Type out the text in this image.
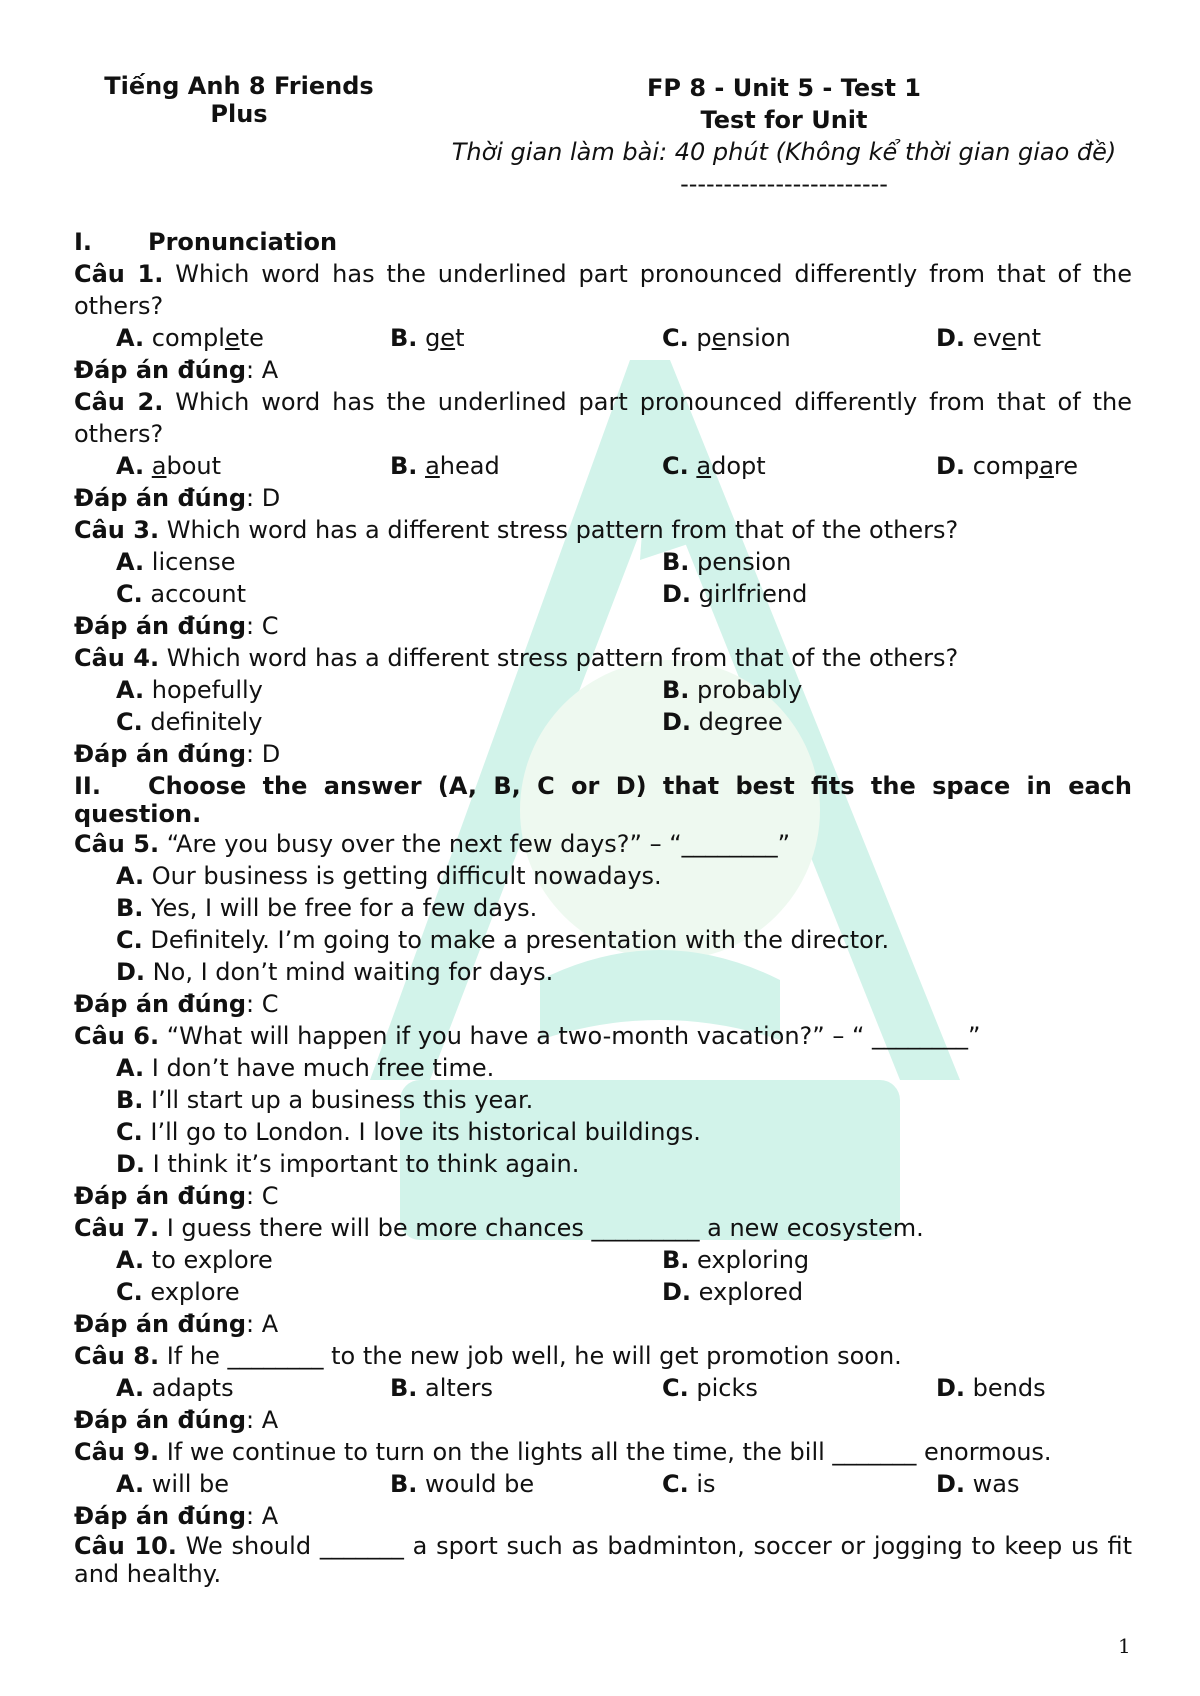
Tiếng Anh 8 Friends
Plus
FP 8 - Unit 5 - Test 1
Test for Unit
Thời gian làm bài: 40 phút (Không kể thời gian giao đề)
------------------------
I. Pronunciation
Câu 1. Which word has the underlined part pronounced differently from that of the others?
A. complete	B. get	C. pension	D. event
Đáp án đúng: A
Câu 2. Which word has the underlined part pronounced differently from that of the others?
A. about	B. ahead	C. adopt	D. compare
Đáp án đúng: D
Câu 3. Which word has a different stress pattern from that of the others?
A. license	B. pension
C. account	D. girlfriend
Đáp án đúng: C
Câu 4. Which word has a different stress pattern from that of the others?
A. hopefully	B. probably
C. definitely	D. degree
Đáp án đúng: D
II. Choose the answer (A, B, C or D) that best fits the space in each question.
Câu 5. “Are you busy over the next few days?” – “________”
A. Our business is getting difficult nowadays.
B. Yes, I will be free for a few days.
C. Definitely. I’m going to make a presentation with the director.
D. No, I don’t mind waiting for days.
Đáp án đúng: C
Câu 6. “What will happen if you have a two-month vacation?” – “ ________”
A. I don’t have much free time.
B. I’ll start up a business this year.
C. I’ll go to London. I love its historical buildings.
D. I think it’s important to think again.
Đáp án đúng: C
Câu 7. I guess there will be more chances _________ a new ecosystem.
A. to explore	B. exploring
C. explore	D. explored
Đáp án đúng: A
Câu 8. If he ________ to the new job well, he will get promotion soon.
A. adapts	B. alters	C. picks	D. bends
Đáp án đúng: A
Câu 9. If we continue to turn on the lights all the time, the bill _______ enormous.
A. will be	B. would be	C. is	D. was
Đáp án đúng: A
Câu 10. We should _______ a sport such as badminton, soccer or jogging to keep us fit and healthy.
1
